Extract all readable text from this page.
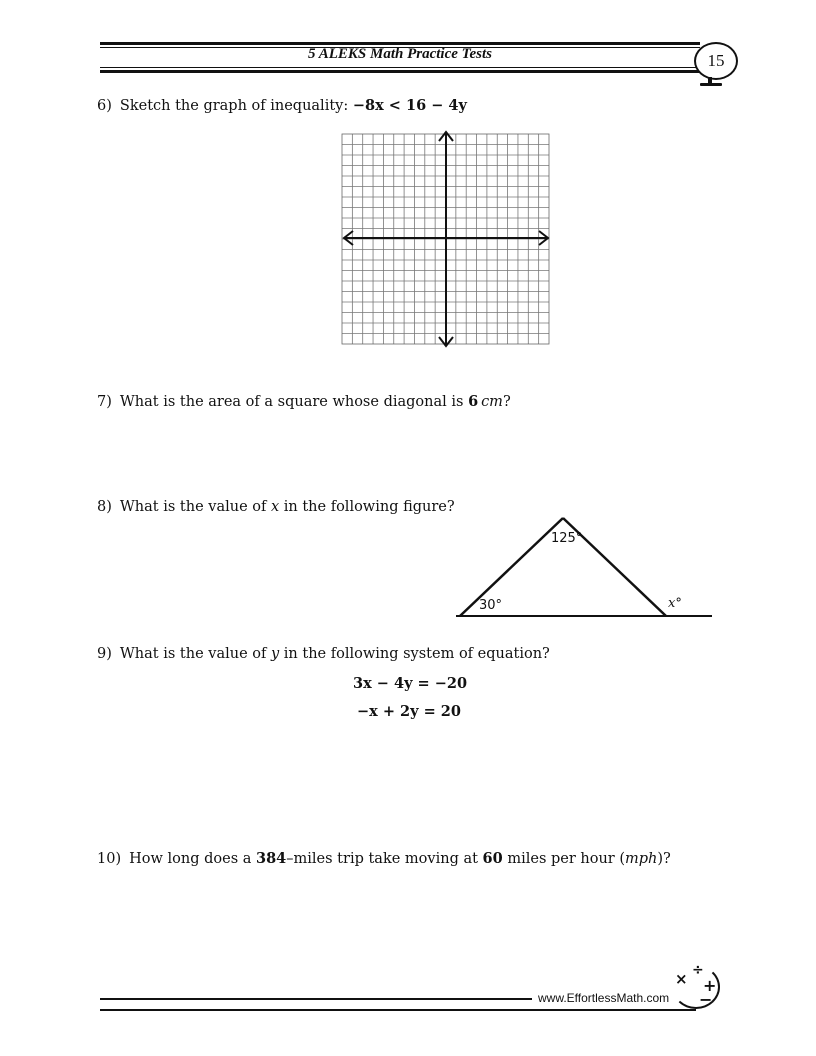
5 ALEKS Math Practice Tests	15
6) Sketch the graph of inequality: −8x < 16 − 4y
7) What is the area of a square whose diagonal is 6  cm?
8) What is the value of x in the following figure?
125°
30°	x°
9) What is the value of y in the following system of equation?
3x − 4y = −20
−x + 2y = 20
10) How long does a 384–miles trip take moving at 60 miles per hour (mph)?
www.EffortlessMath.com
× ÷
+
−
